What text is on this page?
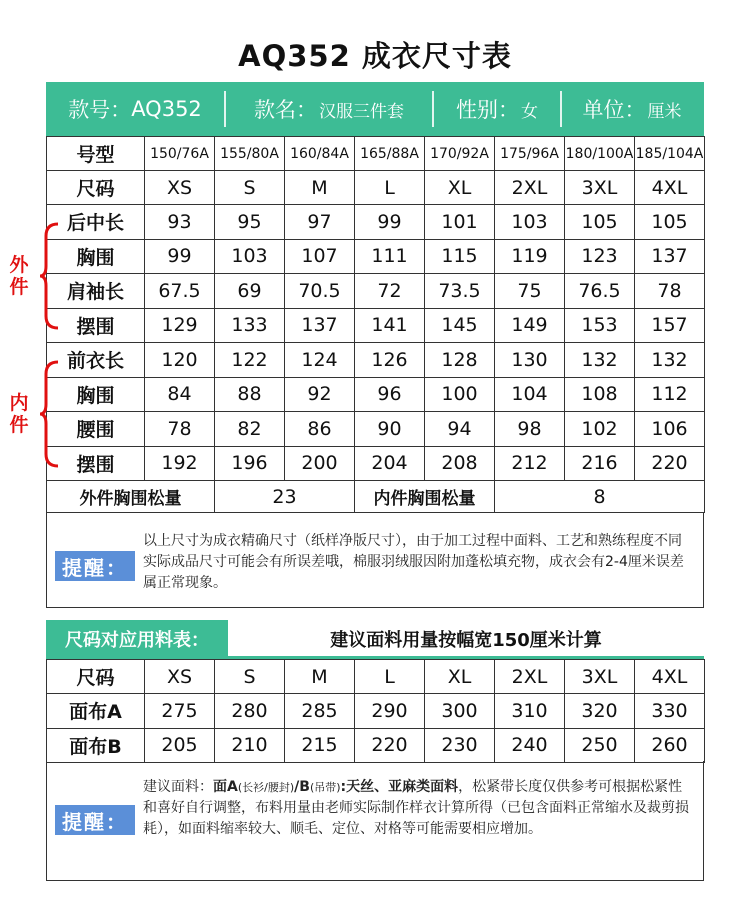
AQ352 成衣尺寸表
款号： AQ352 款名： 汉服三件套 性别： 女 单位： 厘米
号型	150/76A	155/80A	160/84A	165/88A	170/92A	175/96A	180/100A	185/104A
尺码	XS	S	M	L	XL	2XL	3XL	4XL
后中长	93	95	97	99	101	103	105	105
胸围	99	103	107	111	115	119	123	137
肩袖长	67.5	69	70.5	72	73.5	75	76.5	78
摆围	129	133	137	141	145	149	153	157
前衣长	120	122	124	126	128	130	132	132
胸围	84	88	92	96	100	104	108	112
腰围	78	82	86	90	94	98	102	106
摆围	192	196	200	204	208	212	216	220
外件胸围松量	23	内件胸围松量	8
外
件
内
件
提醒：
以上尺寸为成衣精确尺寸（纸样净版尺寸），由于加工过程中面料、工艺和熟练程度不同实际成品尺寸可能会有所误差哦，棉服羽绒服因附加蓬松填充物，成衣会有2-4厘米误差属正常现象。
尺码对应用料表：	建议面料用量按幅宽150厘米计算
尺码	XS	S	M	L	XL	2XL	3XL	4XL
面布A	275	280	285	290	300	310	320	330
面布B	205	210	215	220	230	240	250	260
提醒：
建议面料：面A(长衫/腰封)/B(吊带):天丝、亚麻类面料，松紧带长度仅供参考可根据松紧性和喜好自行调整，布料用量由老师实际制作样衣计算所得（已包含面料正常缩水及裁剪损耗），如面料缩率较大、顺毛、定位、对格等可能需要相应增加。
